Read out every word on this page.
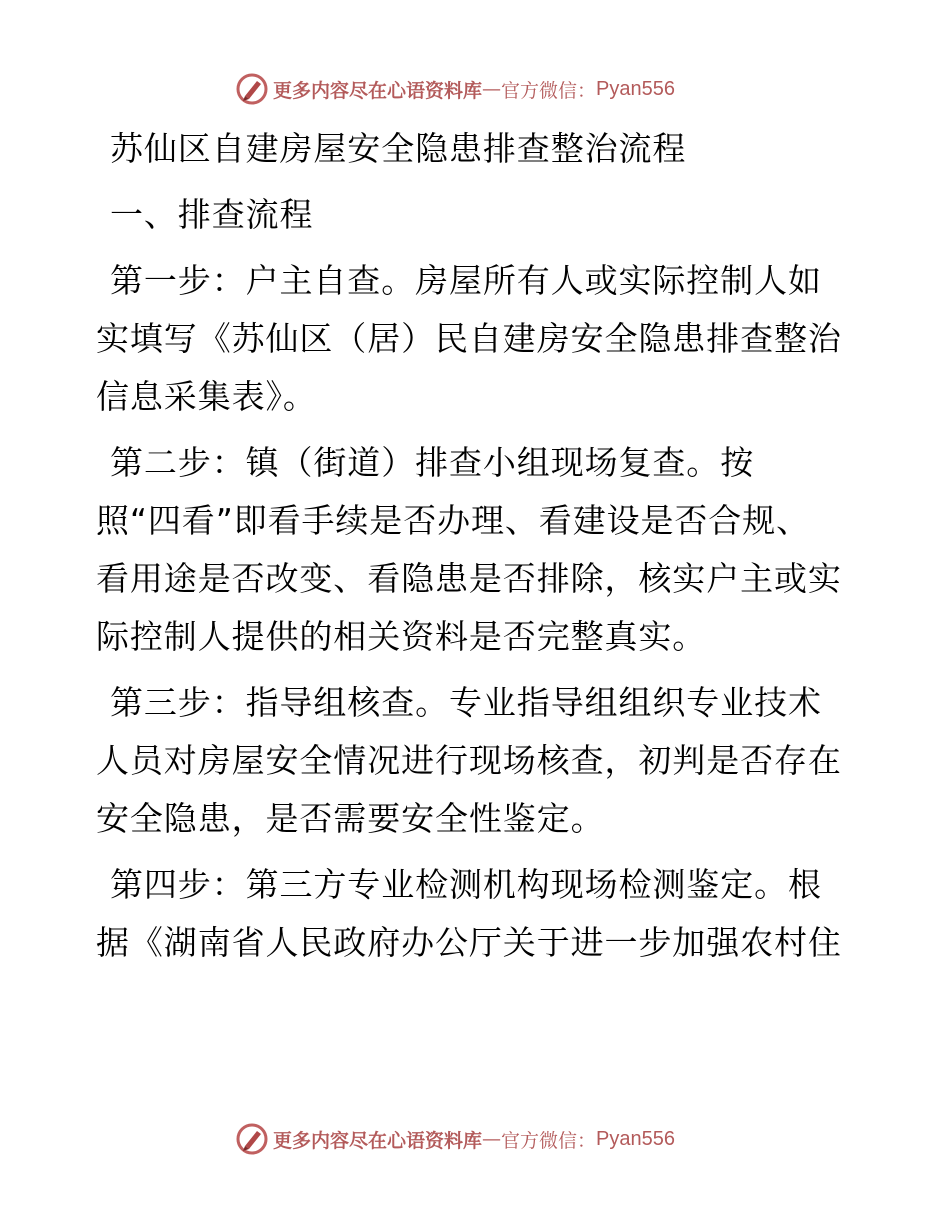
更多内容尽在心语资料库 — 官方微信： Pyan556
苏仙区自建房屋安全隐患排查整治流程
一、排查流程
第一步：户主自查。房屋所有人或实际控制人如
实填写《苏仙区（居）民自建房安全隐患排查整治
信息采集表》。
第二步：镇（街道）排查小组现场复查。按
照“四看”即看手续是否办理、看建设是否合规、
看用途是否改变、看隐患是否排除，核实户主或实
际控制人提供的相关资料是否完整真实。
第三步：指导组核查。专业指导组组织专业技术
人员对房屋安全情况进行现场核查，初判是否存在
安全隐患，是否需要安全性鉴定。
第四步：第三方专业检测机构现场检测鉴定。根
据《湖南省人民政府办公厅关于进一步加强农村住
更多内容尽在心语资料库 — 官方微信： Pyan556
